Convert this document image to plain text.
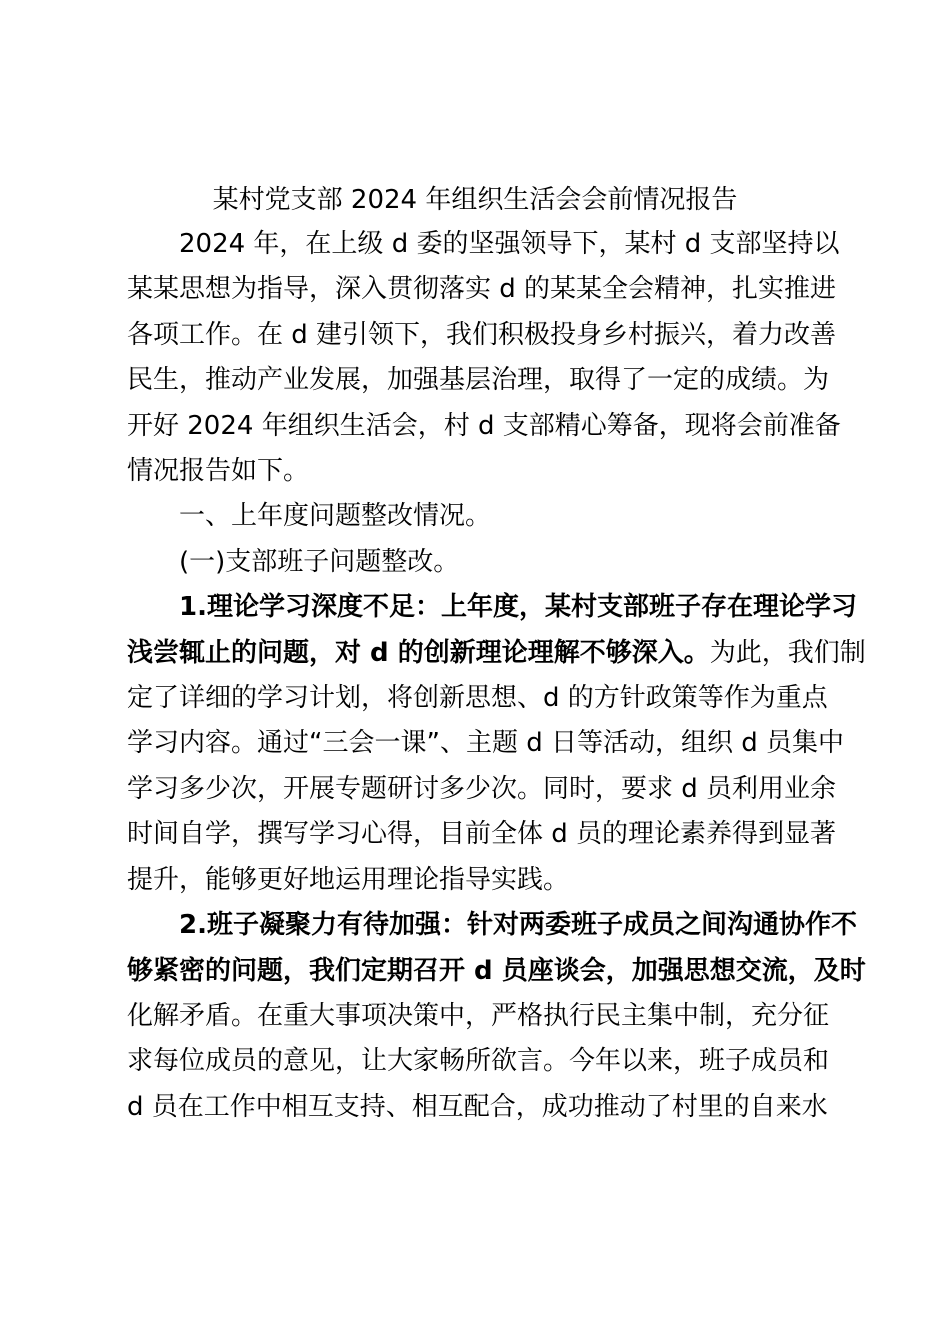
某村党支部 2024 年组织生活会会前情况报告
2024 年，在上级 d 委的坚强领导下，某村 d 支部坚持以
某某思想为指导，深入贯彻落实 d 的某某全会精神，扎实推进
各项工作。在 d 建引领下，我们积极投身乡村振兴，着力改善
民生，推动产业发展，加强基层治理，取得了一定的成绩。为
开好 2024 年组织生活会，村 d 支部精心筹备，现将会前准备
情况报告如下。
一、上年度问题整改情况。
(一)支部班子问题整改。
1.理论学习深度不足：上年度，某村支部班子存在理论学习
浅尝辄止的问题，对 d 的创新理论理解不够深入。为此，我们制
定了详细的学习计划，将创新思想、d 的方针政策等作为重点
学习内容。通过“三会一课”、主题 d 日等活动，组织 d 员集中
学习多少次，开展专题研讨多少次。同时，要求 d 员利用业余
时间自学，撰写学习心得，目前全体 d 员的理论素养得到显著
提升，能够更好地运用理论指导实践。
2.班子凝聚力有待加强：针对两委班子成员之间沟通协作不
够紧密的问题，我们定期召开 d 员座谈会，加强思想交流，及时
化解矛盾。在重大事项决策中，严格执行民主集中制，充分征
求每位成员的意见，让大家畅所欲言。今年以来，班子成员和
d 员在工作中相互支持、相互配合，成功推动了村里的自来水
